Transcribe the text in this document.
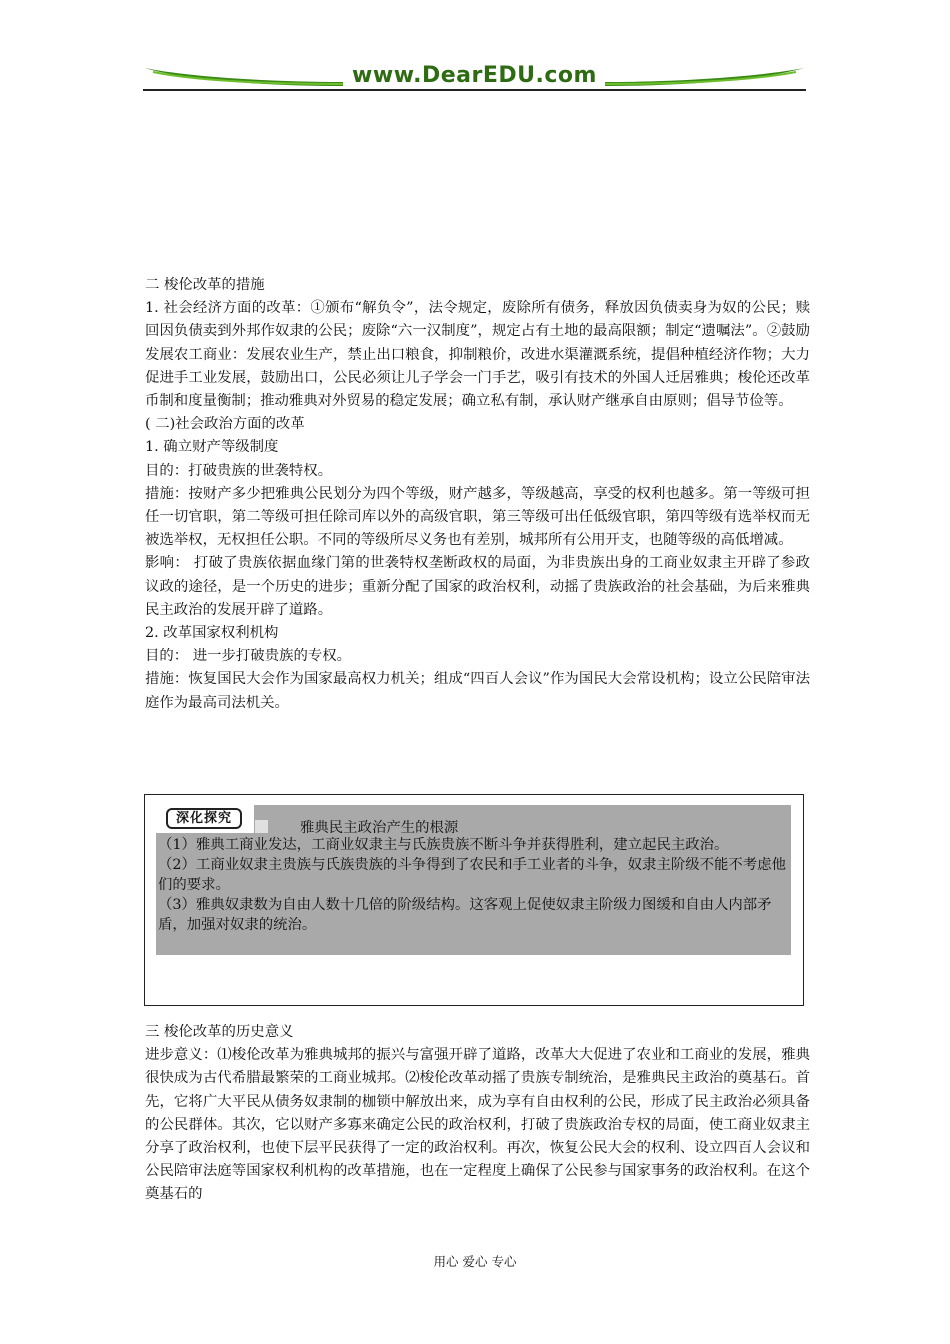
www.DearEDU.com

二 梭伦改革的措施

1. 社会经济方面的改革：①颁布“解负令”，法令规定，废除所有债务，释放因负债卖身为奴的公民；赎回因负债卖到外邦作奴隶的公民；废除“六一汉制度”，规定占有土地的最高限额；制定“遗嘱法”。②鼓励发展农工商业：发展农业生产，禁止出口粮食，抑制粮价，改进水渠灌溉系统，提倡种植经济作物；大力促进手工业发展，鼓励出口，公民必须让儿子学会一门手艺，吸引有技术的外国人迁居雅典；梭伦还改革币制和度量衡制；推动雅典对外贸易的稳定发展；确立私有制，承认财产继承自由原则；倡导节俭等。

( 二)社会政治方面的改革

1. 确立财产等级制度

目的：打破贵族的世袭特权。

措施：按财产多少把雅典公民划分为四个等级，财产越多，等级越高，享受的权利也越多。第一等级可担任一切官职，第二等级可担任除司库以外的高级官职，第三等级可出任低级官职，第四等级有选举权而无被选举权，无权担任公职。不同的等级所尽义务也有差别，城邦所有公用开支，也随等级的高低增减。

影响： 打破了贵族依据血缘门第的世袭特权垄断政权的局面，为非贵族出身的工商业奴隶主开辟了参政议政的途径，是一个历史的进步；重新分配了国家的政治权利，动摇了贵族政治的社会基础，为后来雅典民主政治的发展开辟了道路。

2. 改革国家权利机构

目的： 进一步打破贵族的专权。

措施：恢复国民大会作为国家最高权力机关；组成“四百人会议”作为国民大会常设机构；设立公民陪审法庭作为最高司法机关。

深化探究
雅典民主政治产生的根源

（1）雅典工商业发达，工商业奴隶主与氏族贵族不断斗争并获得胜利，建立起民主政治。

（2）工商业奴隶主贵族与氏族贵族的斗争得到了农民和手工业者的斗争，奴隶主阶级不能不考虑他们的要求。

（3）雅典奴隶数为自由人数十几倍的阶级结构。这客观上促使奴隶主阶级力图缓和自由人内部矛盾，加强对奴隶的统治。

三 梭伦改革的历史意义

进步意义：⑴梭伦改革为雅典城邦的振兴与富强开辟了道路，改革大大促进了农业和工商业的发展，雅典很快成为古代希腊最繁荣的工商业城邦。⑵梭伦改革动摇了贵族专制统治，是雅典民主政治的奠基石。首先，它将广大平民从债务奴隶制的枷锁中解放出来，成为享有自由权利的公民，形成了民主政治必须具备的公民群体。其次，它以财产多寡来确定公民的政治权利，打破了贵族政治专权的局面，使工商业奴隶主分享了政治权利，也使下层平民获得了一定的政治权利。再次，恢复公民大会的权利、设立四百人会议和公民陪审法庭等国家权利机构的改革措施，也在一定程度上确保了公民参与国家事务的政治权利。在这个奠基石的

用心 爱心 专心
